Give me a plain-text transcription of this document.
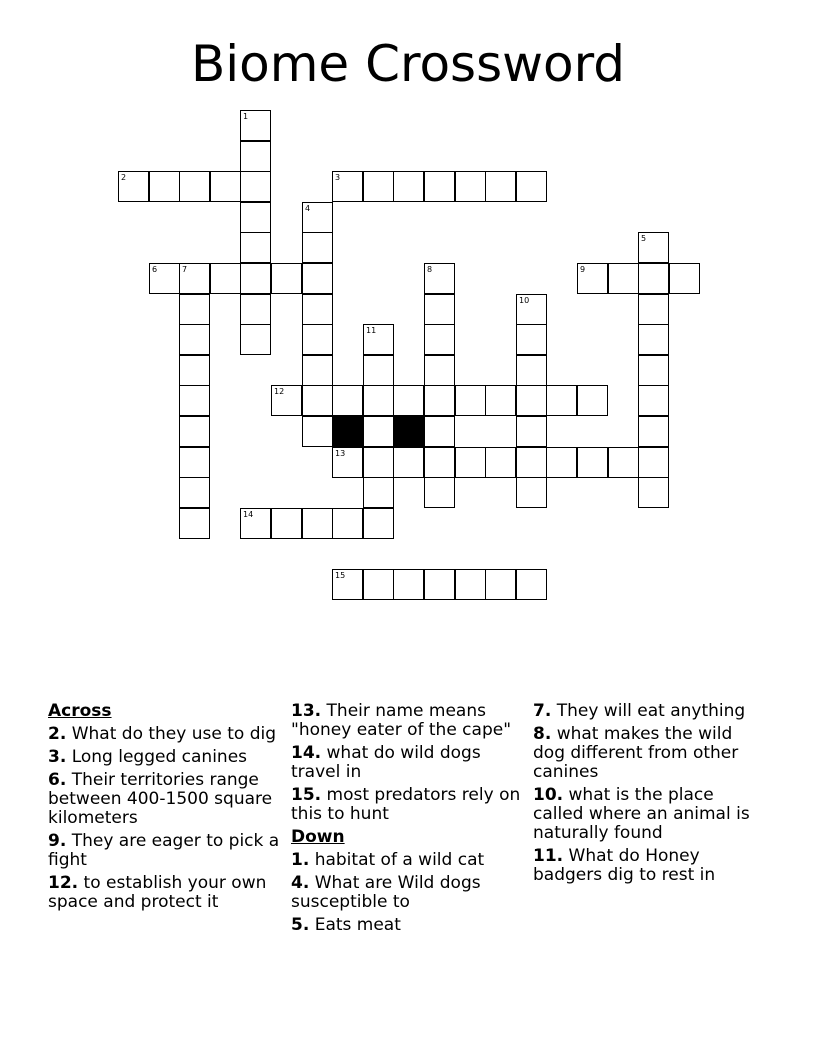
Biome Crossword
1
2	3
4
5
6	7	8	9
10
11
12
13
14
15
Across
2. What do they use to dig
3. Long legged canines
6. Their territories range between 400-1500 square kilometers
9. They are eager to pick a fight
12. to establish your own space and protect it
13. Their name means "honey eater of the cape"
14. what do wild dogs travel in
15. most predators rely on this to hunt
Down
1. habitat of a wild cat
4. What are Wild dogs susceptible to
5. Eats meat
7. They will eat anything
8. what makes the wild dog different from other canines
10. what is the place called where an animal is naturally found
11. What do Honey badgers dig to rest in
